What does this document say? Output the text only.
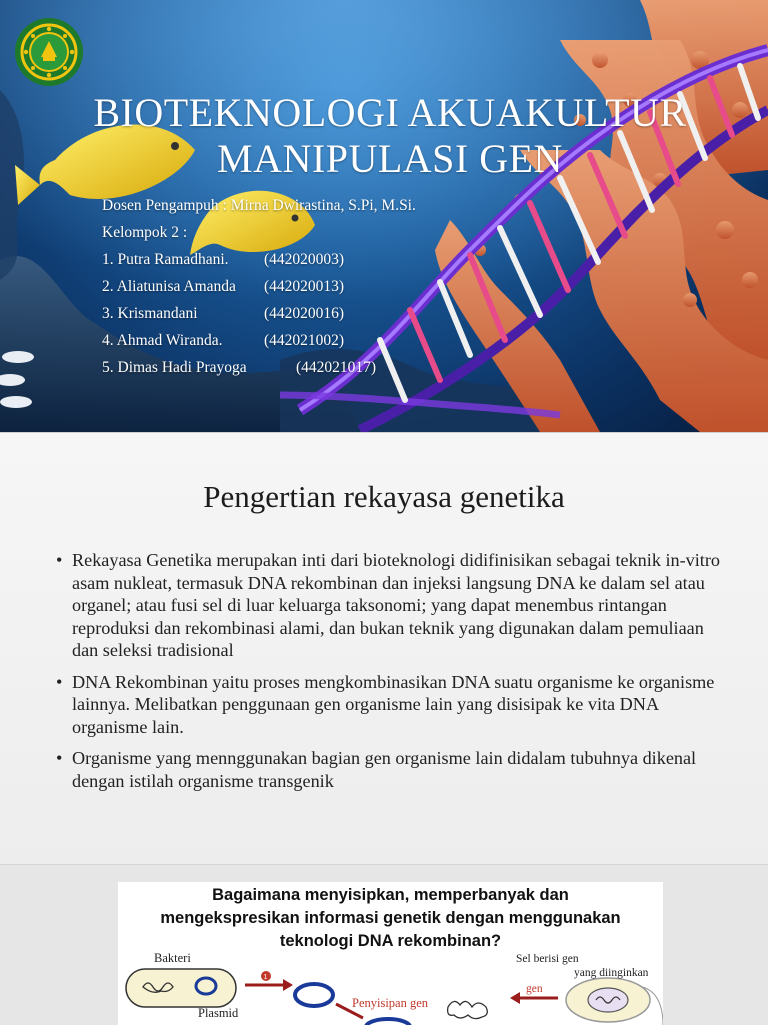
BIOTEKNOLOGI AKUAKULTUR
MANIPULASI GEN
Dosen Pengampuh : Mirna Dwirastina, S.Pi, M.Si.
Kelompok 2 :
1. Putra Ramadhani.	(442020003)
2. Aliatunisa Amanda	(442020013)
3. Krismandani	(442020016)
4. Ahmad Wiranda.	(442021002)
5. Dimas Hadi Prayoga	(442021017)
Pengertian rekayasa genetika
• Rekayasa Genetika merupakan inti dari bioteknologi didifinisikan sebagai teknik in-vitro asam nukleat, termasuk DNA rekombinan dan injeksi langsung DNA ke dalam sel atau organel; atau fusi sel di luar keluarga taksonomi; yang dapat menembus rintangan reproduksi dan rekombinasi alami, dan bukan teknik yang digunakan dalam pemuliaan dan seleksi tradisional
• DNA Rekombinan yaitu proses mengkombinasikan DNA suatu organisme ke organisme lainnya. Melibatkan penggunaan gen organisme lain yang disisipak ke vita DNA organisme lain.
• Organisme yang mennggunakan bagian gen organisme lain didalam tubuhnya dikenal dengan istilah organisme transgenik
Bagaimana menyisipkan, memperbanyak dan
mengekspresikan informasi genetik dengan menggunakan
teknologi DNA rekombinan?
1
Bakteri
Plasmid
Penyisipan gen
Sel berisi gen
yang diinginkan
gen
